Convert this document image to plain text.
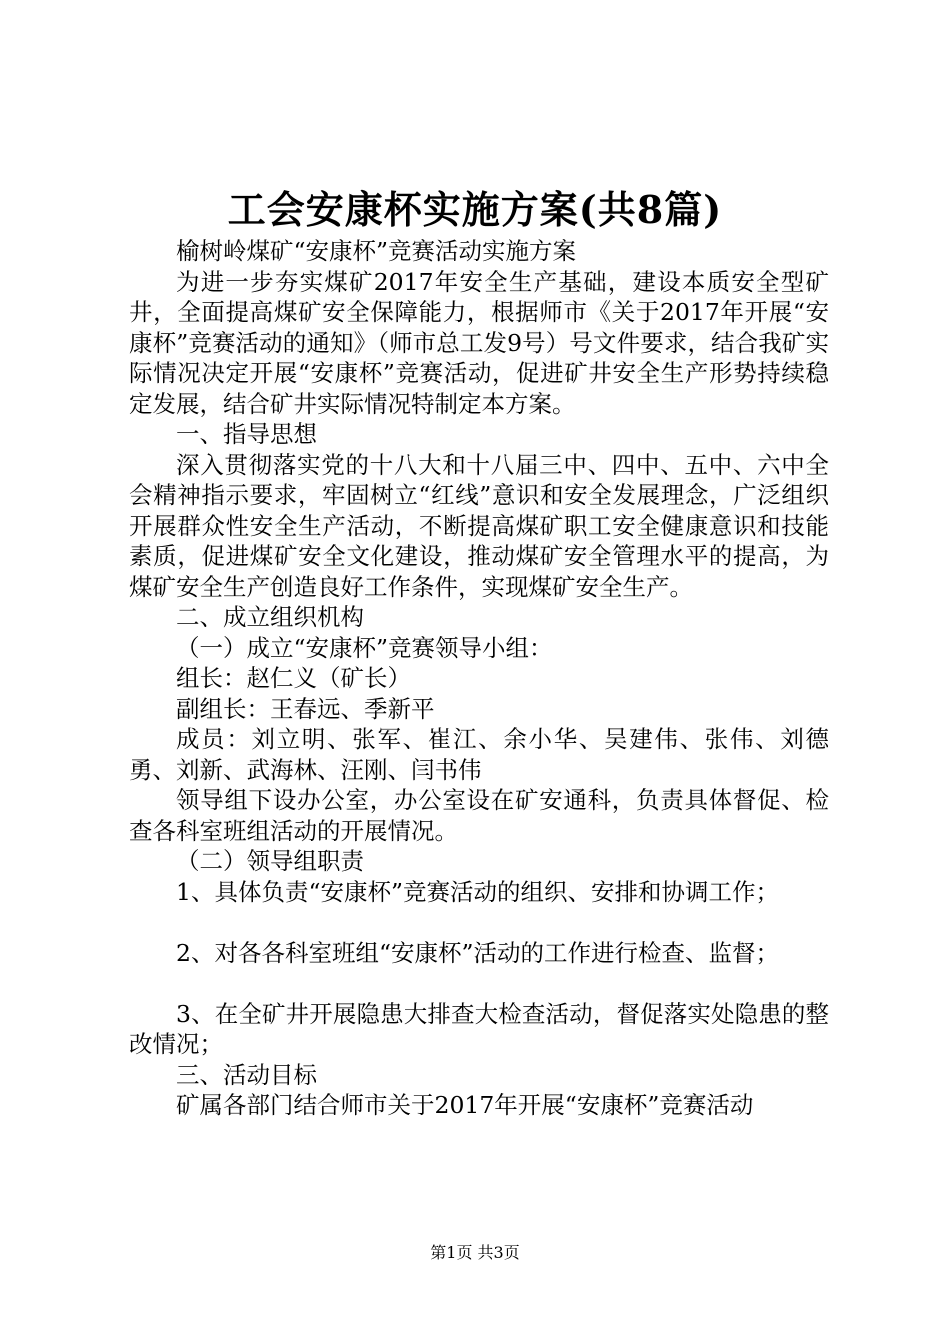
工会安康杯实施方案(共8篇)

榆树岭煤矿“安康杯”竞赛活动实施方案

为进一步夯实煤矿2017年安全生产基础，建设本质安全型矿井，全面提高煤矿安全保障能力，根据师市《关于2017年开展“安康杯”竞赛活动的通知》（师市总工发9号）号文件要求，结合我矿实际情况决定开展“安康杯”竞赛活动，促进矿井安全生产形势持续稳定发展，结合矿井实际情况特制定本方案。

一、指导思想

深入贯彻落实党的十八大和十八届三中、四中、五中、六中全会精神指示要求，牢固树立“红线”意识和安全发展理念，广泛组织开展群众性安全生产活动，不断提高煤矿职工安全健康意识和技能素质，促进煤矿安全文化建设，推动煤矿安全管理水平的提高，为煤矿安全生产创造良好工作条件，实现煤矿安全生产。

二、成立组织机构

（一）成立“安康杯”竞赛领导小组：

组长：赵仁义（矿长）

副组长：王春远、季新平

成员：刘立明、张军、崔江、余小华、吴建伟、张伟、刘德勇、刘新、武海林、汪刚、闫书伟

领导组下设办公室，办公室设在矿安通科，负责具体督促、检查各科室班组活动的开展情况。

（二）领导组职责

1、具体负责“安康杯”竞赛活动的组织、安排和协调工作；

2、对各各科室班组“安康杯”活动的工作进行检查、监督；

3、在全矿井开展隐患大排查大检查活动，督促落实处隐患的整改情况；

三、活动目标

矿属各部门结合师市关于2017年开展“安康杯”竞赛活动

第1页 共3页
